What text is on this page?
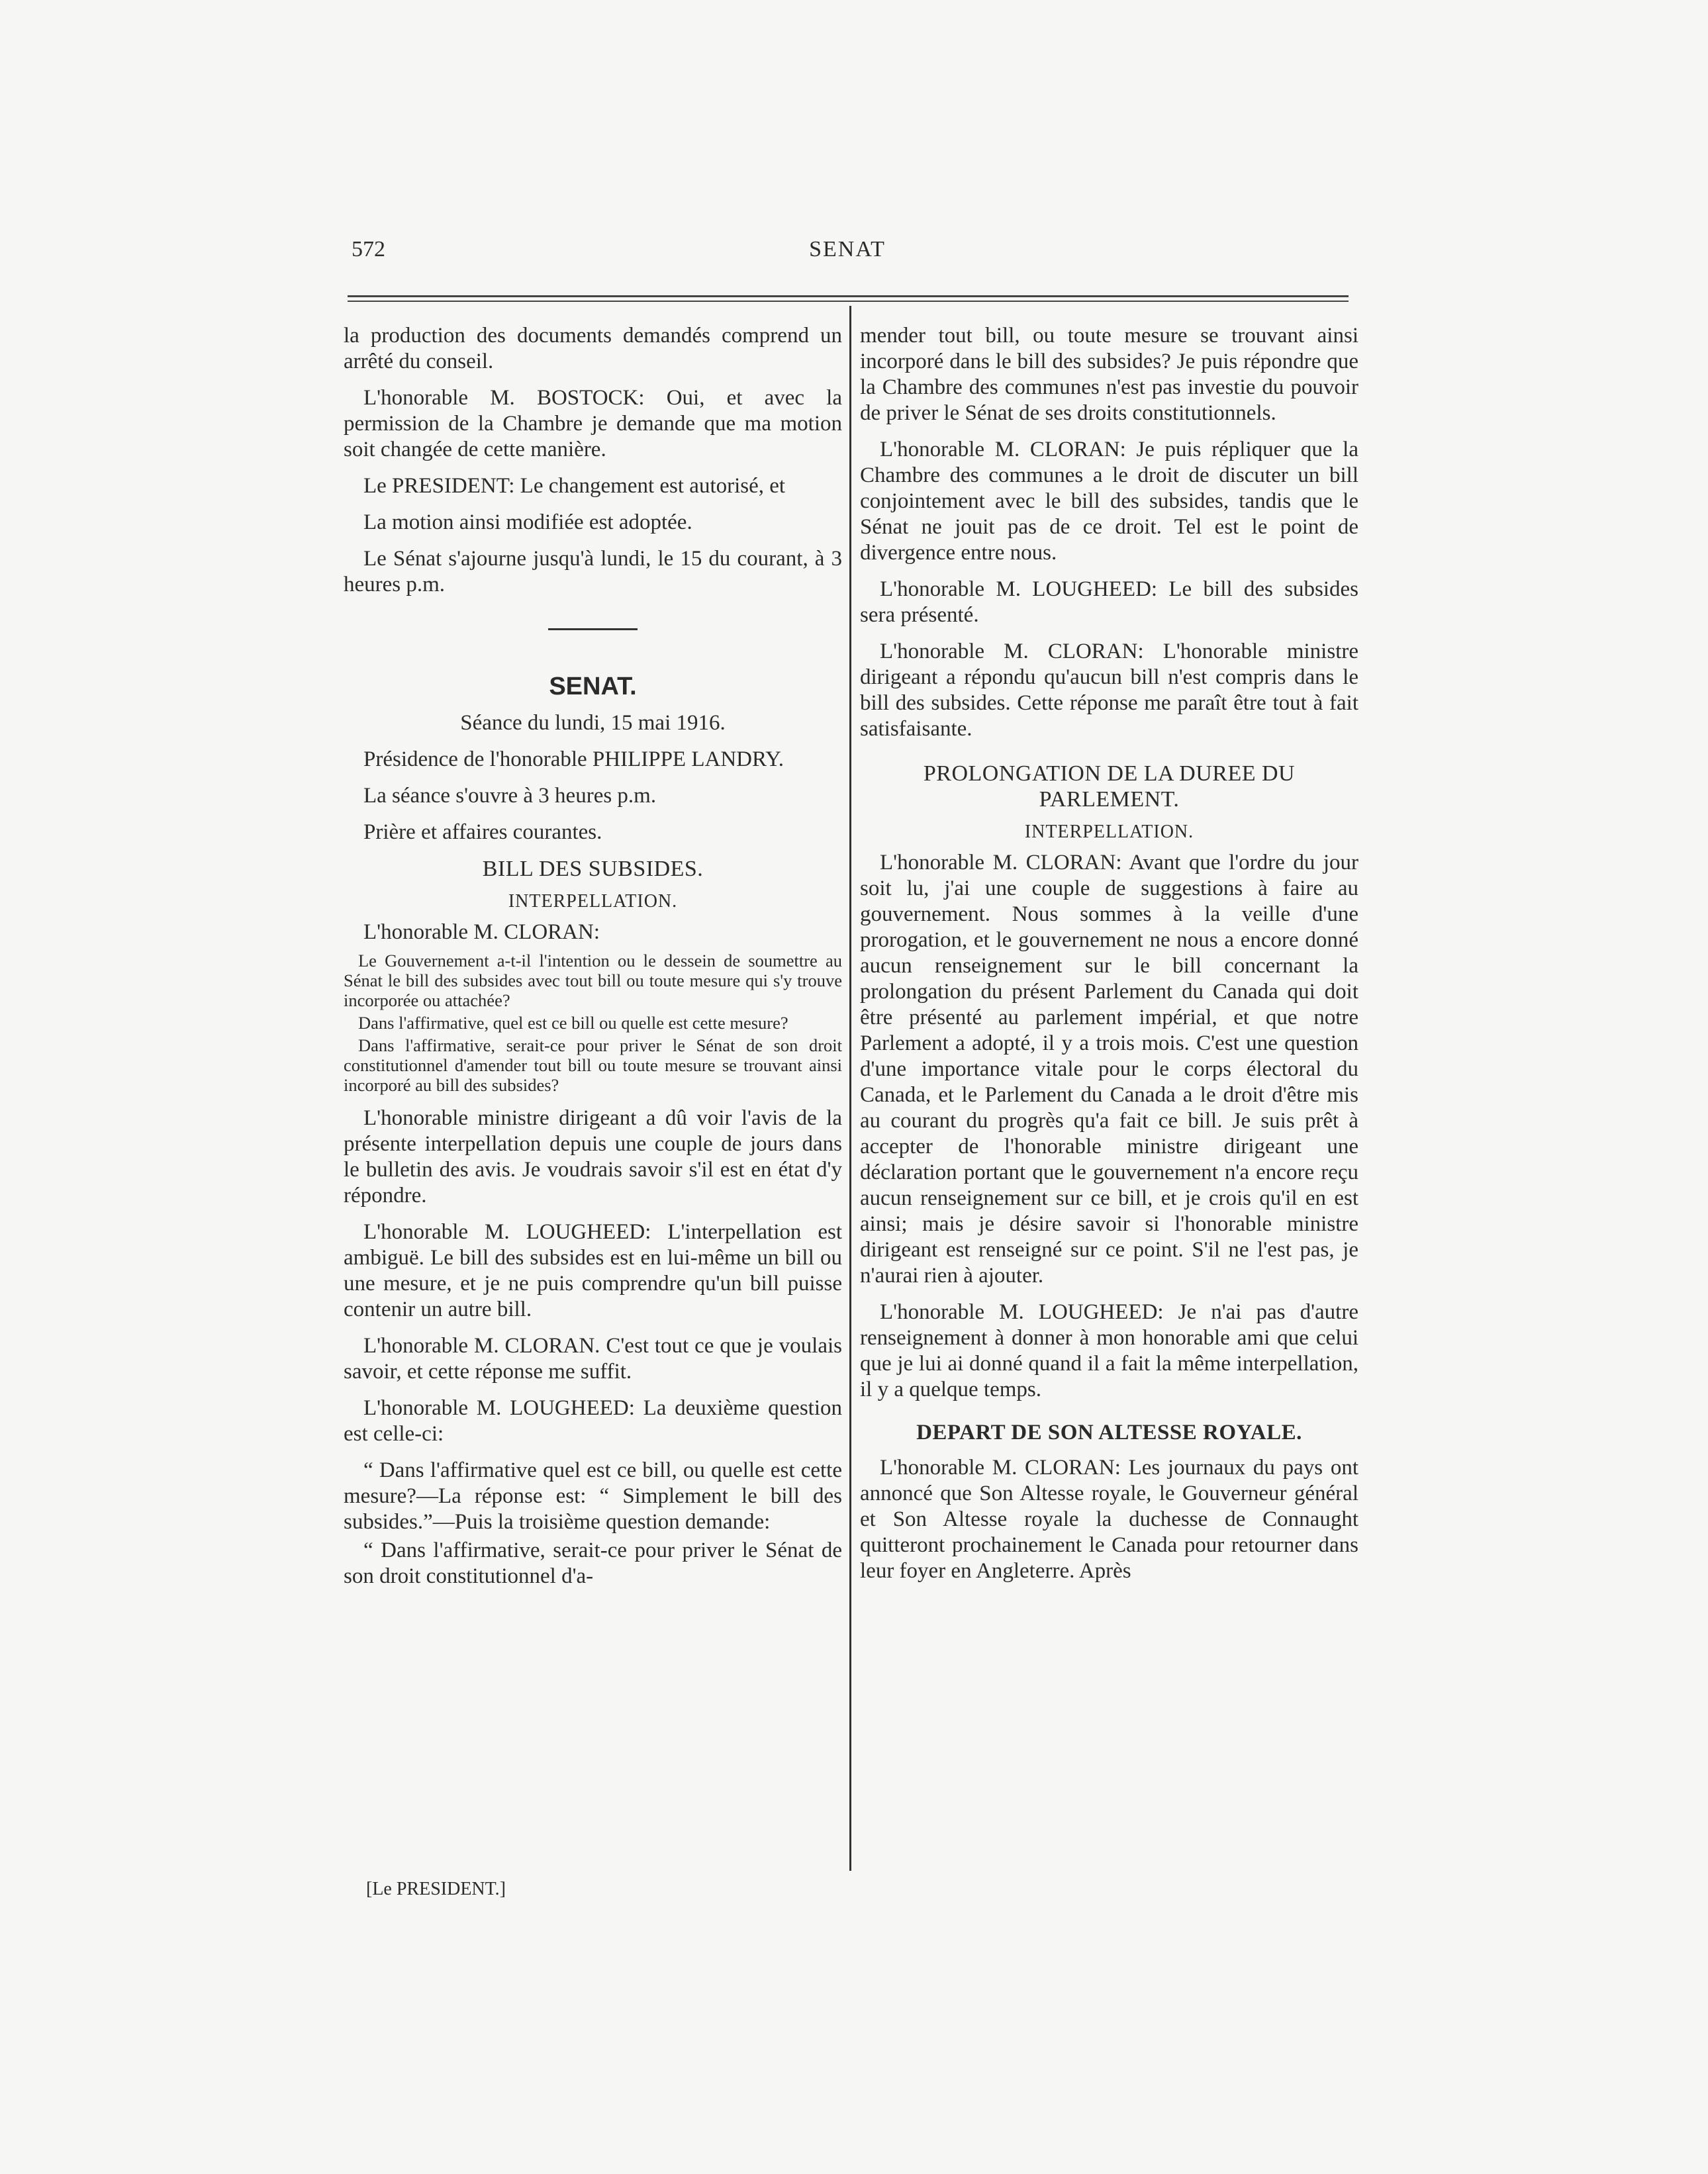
572	SENAT

la production des documents demandés comprend un arrêté du conseil.

L'honorable M. BOSTOCK: Oui, et avec la permission de la Chambre je demande que ma motion soit changée de cette manière.

Le PRESIDENT: Le changement est autorisé, et

La motion ainsi modifiée est adoptée.

Le Sénat s'ajourne jusqu'à lundi, le 15 du courant, à 3 heures p.m.

SENAT.

Séance du lundi, 15 mai 1916.

Présidence de l'honorable PHILIPPE LANDRY.

La séance s'ouvre à 3 heures p.m.

Prière et affaires courantes.

BILL DES SUBSIDES.
INTERPELLATION.

L'honorable M. CLORAN:

Le Gouvernement a-t-il l'intention ou le dessein de soumettre au Sénat le bill des subsides avec tout bill ou toute mesure qui s'y trouve incorporée ou attachée?

Dans l'affirmative, quel est ce bill ou quelle est cette mesure?

Dans l'affirmative, serait-ce pour priver le Sénat de son droit constitutionnel d'amender tout bill ou toute mesure se trouvant ainsi incorporé au bill des subsides?

L'honorable ministre dirigeant a dû voir l'avis de la présente interpellation depuis une couple de jours dans le bulletin des avis. Je voudrais savoir s'il est en état d'y répondre.

L'honorable M. LOUGHEED: L'interpellation est ambiguë. Le bill des subsides est en lui-même un bill ou une mesure, et je ne puis comprendre qu'un bill puisse contenir un autre bill.

L'honorable M. CLORAN. C'est tout ce que je voulais savoir, et cette réponse me suffit.

L'honorable M. LOUGHEED: La deuxième question est celle-ci:

“ Dans l'affirmative quel est ce bill, ou quelle est cette mesure?—La réponse est: “ Simplement le bill des subsides.”—Puis la troisième question demande:

“ Dans l'affirmative, serait-ce pour priver le Sénat de son droit constitutionnel d'a-

[Le PRESIDENT.]

mender tout bill, ou toute mesure se trouvant ainsi incorporé dans le bill des subsides? Je puis répondre que la Chambre des communes n'est pas investie du pouvoir de priver le Sénat de ses droits constitutionnels.

L'honorable M. CLORAN: Je puis répliquer que la Chambre des communes a le droit de discuter un bill conjointement avec le bill des subsides, tandis que le Sénat ne jouit pas de ce droit. Tel est le point de divergence entre nous.

L'honorable M. LOUGHEED: Le bill des subsides sera présenté.

L'honorable M. CLORAN: L'honorable ministre dirigeant a répondu qu'aucun bill n'est compris dans le bill des subsides. Cette réponse me paraît être tout à fait satisfaisante.

PROLONGATION DE LA DUREE DU PARLEMENT.
INTERPELLATION.

L'honorable M. CLORAN: Avant que l'ordre du jour soit lu, j'ai une couple de suggestions à faire au gouvernement. Nous sommes à la veille d'une prorogation, et le gouvernement ne nous a encore donné aucun renseignement sur le bill concernant la prolongation du présent Parlement du Canada qui doit être présenté au parlement impérial, et que notre Parlement a adopté, il y a trois mois. C'est une question d'une importance vitale pour le corps électoral du Canada, et le Parlement du Canada a le droit d'être mis au courant du progrès qu'a fait ce bill. Je suis prêt à accepter de l'honorable ministre dirigeant une déclaration portant que le gouvernement n'a encore reçu aucun renseignement sur ce bill, et je crois qu'il en est ainsi; mais je désire savoir si l'honorable ministre dirigeant est renseigné sur ce point. S'il ne l'est pas, je n'aurai rien à ajouter.

L'honorable M. LOUGHEED: Je n'ai pas d'autre renseignement à donner à mon honorable ami que celui que je lui ai donné quand il a fait la même interpellation, il y a quelque temps.

DEPART DE SON ALTESSE ROYALE.

L'honorable M. CLORAN: Les journaux du pays ont annoncé que Son Altesse royale, le Gouverneur général et Son Altesse royale la duchesse de Connaught quitteront prochainement le Canada pour retourner dans leur foyer en Angleterre. Après
